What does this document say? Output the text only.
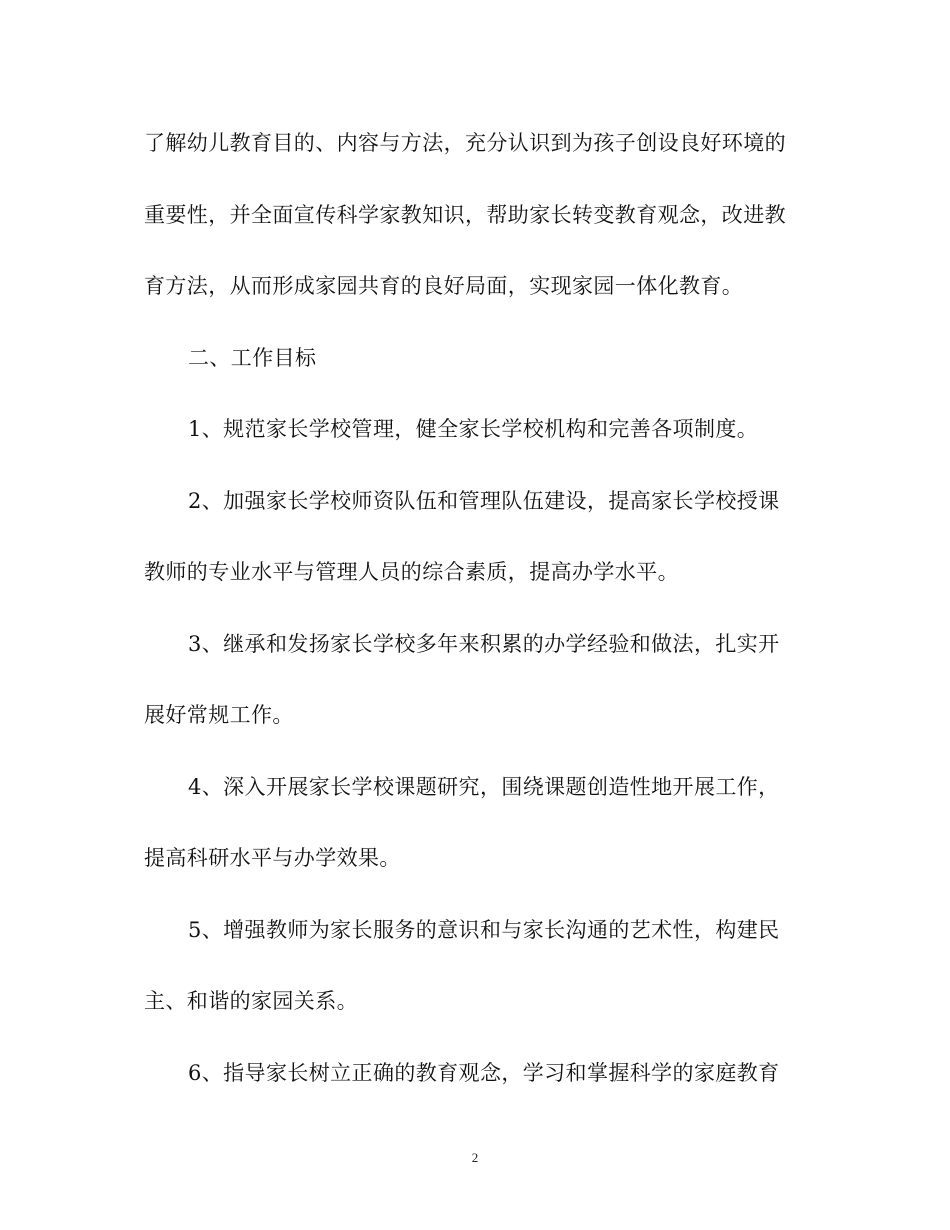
了解幼儿教育目的、内容与方法，充分认识到为孩子创设良好环境的
重要性，并全面宣传科学家教知识，帮助家长转变教育观念，改进教
育方法，从而形成家园共育的良好局面，实现家园一体化教育。
二、工作目标
1、规范家长学校管理，健全家长学校机构和完善各项制度。
2、加强家长学校师资队伍和管理队伍建设，提高家长学校授课
教师的专业水平与管理人员的综合素质，提高办学水平。
3、继承和发扬家长学校多年来积累的办学经验和做法，扎实开
展好常规工作。
4、深入开展家长学校课题研究，围绕课题创造性地开展工作，
提高科研水平与办学效果。
5、增强教师为家长服务的意识和与家长沟通的艺术性，构建民
主、和谐的家园关系。
6、指导家长树立正确的教育观念，学习和掌握科学的家庭教育
2
